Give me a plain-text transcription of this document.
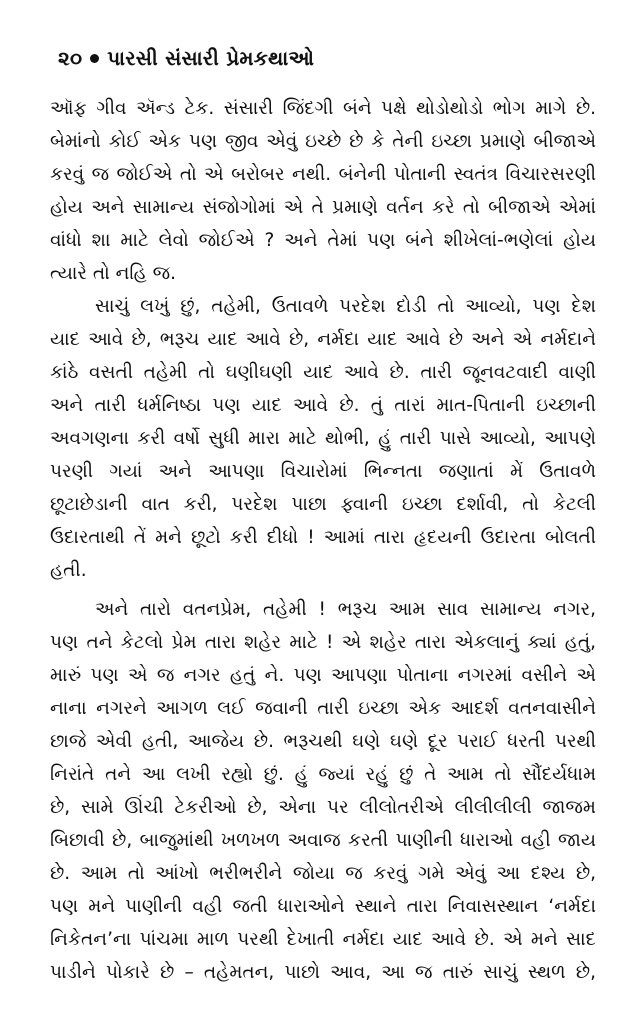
૨૦ પારસી સંસારી પ્રેમકથાઓ
ઑફ ગીવ ઍન્ડ ટેક. સંસારી જિંદગી બંને પક્ષે થોડોથોડો ભોગ માગે છે.
બેમાંનો કોઈ એક પણ જીવ એવું ઇચ્છે છે કે તેની ઇચ્છા પ્રમાણે બીજાએ
કરવું જ જોઈએ તો એ બરોબર નથી. બંનેની પોતાની સ્વતંત્ર વિચારસરણી
હોય અને સામાન્ય સંજોગોમાં એ તે પ્રમાણે વર્તન કરે તો બીજાએ એમાં
વાંધો શા માટે લેવો જોઈએ ? અને તેમાં પણ બંને શીખેલાં-ભણેલાં હોય
ત્યારે તો નહિ જ.
સાચું લખું છું, તહેમી, ઉતાવળે પરદેશ દોડી તો આવ્યો, પણ દેશ
યાદ આવે છે, ભરૂચ યાદ આવે છે, નર્મદા યાદ આવે છે અને એ નર્મદાને
કાંઠે વસતી તહેમી તો ઘણીઘણી યાદ આવે છે. તારી જૂનવટવાદી વાણી
અને તારી ધર્મનિષ્ઠા પણ યાદ આવે છે. તું તારાં માત-પિતાની ઇચ્છાની
અવગણના કરી વર્ષો સુધી મારા માટે થોભી, હું તારી પાસે આવ્યો, આપણે
પરણી ગયાં અને આપણા વિચારોમાં ભિન્નતા જણાતાં મેં ઉતાવળે
છૂટાછેડાની વાત કરી, પરદેશ પાછા ફ્વાની ઇચ્છા દર્શાવી, તો કેટલી
ઉદારતાથી તેં મને છૂટો કરી દીધો ! આમાં તારા હૃદયની ઉદારતા બોલતી
હતી.
અને તારો વતનપ્રેમ, તહેમી ! ભરૂચ આમ સાવ સામાન્ય નગર,
પણ તને કેટલો પ્રેમ તારા શહેર માટે ! એ શહેર તારા એકલાનું ક્યાં હતું,
મારું પણ એ જ નગર હતું ને. પણ આપણા પોતાના નગરમાં વસીને એ
નાના નગરને આગળ લઈ જવાની તારી ઇચ્છા એક આદર્શ વતનવાસીને
છાજે એવી હતી, આજેય છે. ભરૂચથી ઘણે ઘણે દૂર પરાઈ ધરતી પરથી
નિરાંતે તને આ લખી રહ્યો છું. હું જ્યાં રહું છું તે આમ તો સૌંદર્યધામ
છે, સામે ઊંચી ટેકરીઓ છે, એના પર લીલોતરીએ લીલીલીલી જાજમ
બિછાવી છે, બાજુમાંથી ખળખળ અવાજ કરતી પાણીની ધારાઓ વહી જાય
છે. આમ તો આંખો ભરીભરીને જોયા જ કરવું ગમે એવું આ દશ્ય છે,
પણ મને પાણીની વહી જતી ધારાઓને સ્થાને તારા નિવાસસ્થાન ‘નર્મદા
નિકેતન’ના પાંચમા માળ પરથી દેખાતી નર્મદા યાદ આવે છે. એ મને સાદ
પાડીને પોકારે છે – તહેમતન, પાછો આવ, આ જ તારું સાચું સ્થળ છે,
